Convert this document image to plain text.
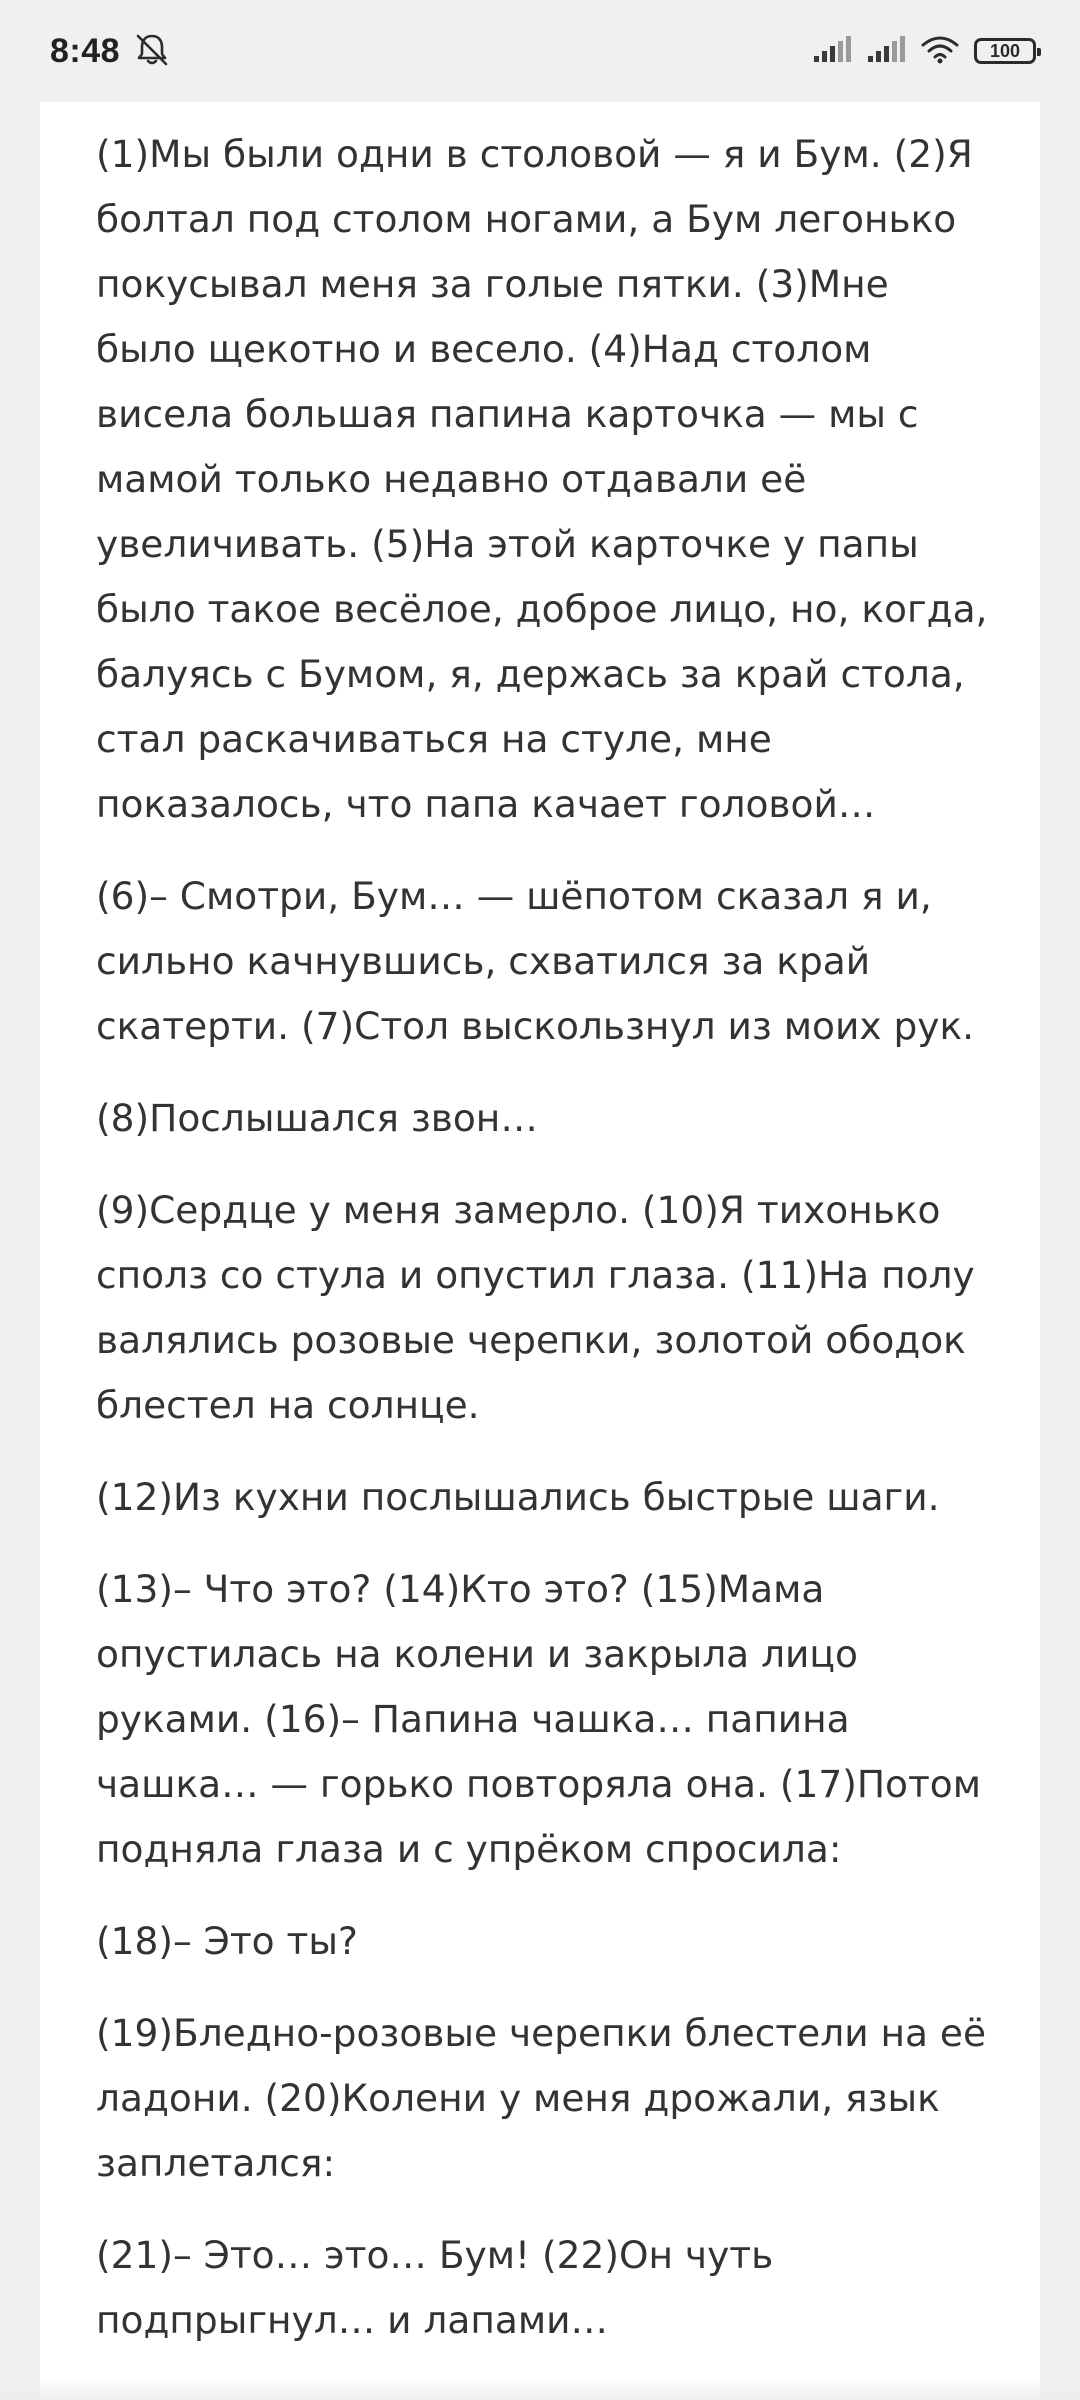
8:48	100

(1)Мы были одни в столовой — я и Бум. (2)Я болтал под столом ногами, а Бум легонько покусывал меня за голые пятки. (3)Мне было щекотно и весело. (4)Над столом висела большая папина карточка — мы с мамой только недавно отдавали её увеличивать. (5)На этой карточке у папы было такое весёлое, доброе лицо, но, когда, балуясь с Бумом, я, держась за край стола, стал раскачиваться на стуле, мне показалось, что папа качает головой…

(6)– Смотри, Бум… — шёпотом сказал я и, сильно качнувшись, схватился за край скатерти. (7)Стол выскользнул из моих рук.

(8)Послышался звон…

(9)Сердце у меня замерло. (10)Я тихонько сполз со стула и опустил глаза. (11)На полу валялись розовые черепки, золотой ободок блестел на солнце.

(12)Из кухни послышались быстрые шаги.

(13)– Что это? (14)Кто это? (15)Мама опустилась на колени и закрыла лицо руками. (16)– Папина чашка… папина чашка… — горько повторяла она. (17)Потом подняла глаза и с упрёком спросила:

(18)– Это ты?

(19)Бледно-розовые черепки блестели на её ладони. (20)Колени у меня дрожали, язык заплетался:

(21)– Это… это… Бум! (22)Он чуть подпрыгнул… и лапами…
